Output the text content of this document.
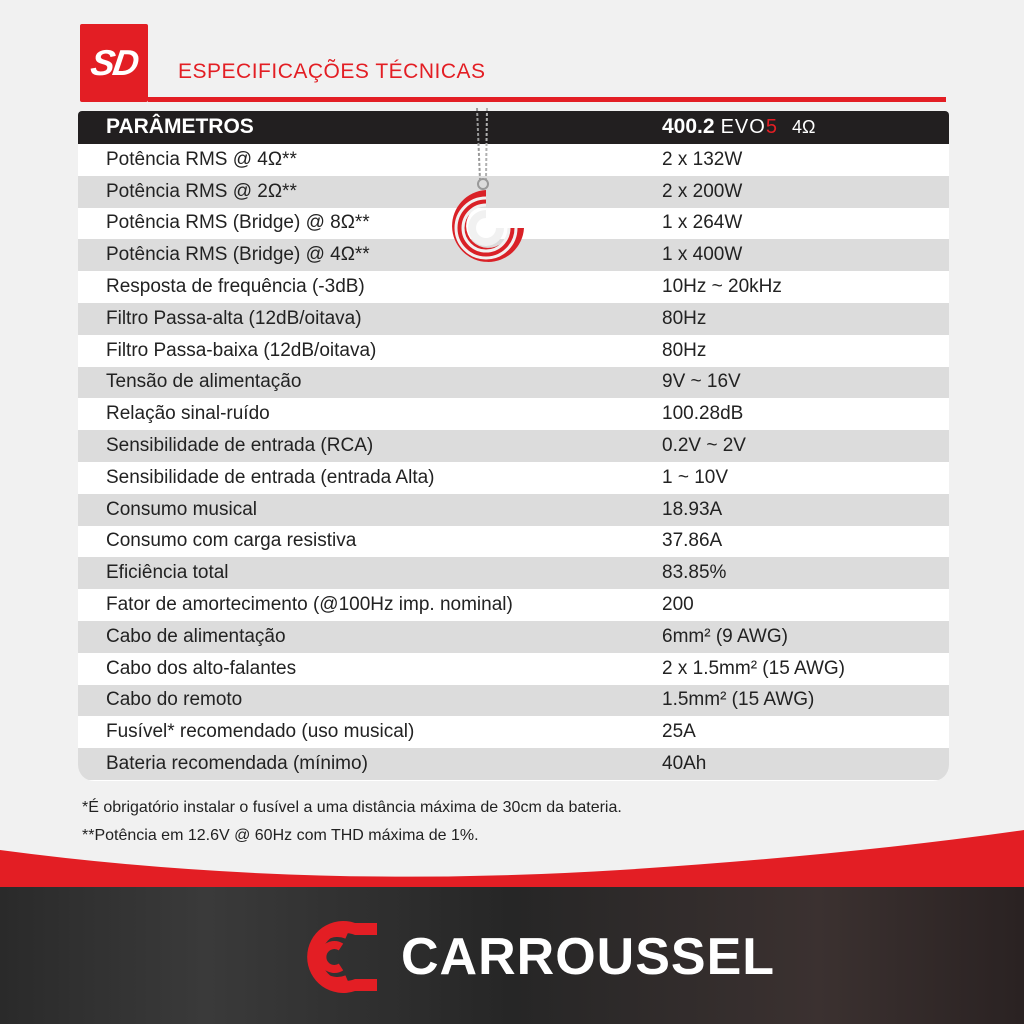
SD ESPECIFICAÇÕES TÉCNICAS
PARÂMETROS	400.2 EVO5 4Ω
Potência RMS @ 4Ω**	2 x 132W
Potência RMS @ 2Ω**	2 x 200W
Potência RMS (Bridge) @ 8Ω**	1 x 264W
Potência RMS (Bridge) @ 4Ω**	1 x 400W
Resposta de frequência (-3dB)	10Hz ~ 20kHz
Filtro Passa-alta (12dB/oitava)	80Hz
Filtro Passa-baixa (12dB/oitava)	80Hz
Tensão de alimentação	9V ~ 16V
Relação sinal-ruído	100.28dB
Sensibilidade de entrada (RCA)	0.2V ~ 2V
Sensibilidade de entrada (entrada Alta)	1 ~ 10V
Consumo musical	18.93A
Consumo com carga resistiva	37.86A
Eficiência total	83.85%
Fator de amortecimento (@100Hz imp. nominal)	200
Cabo de alimentação	6mm² (9 AWG)
Cabo dos alto-falantes	2 x 1.5mm² (15 AWG)
Cabo do remoto	1.5mm² (15 AWG)
Fusível* recomendado (uso musical)	25A
Bateria recomendada (mínimo)	40Ah
*É obrigatório instalar o fusível a uma distância máxima de 30cm da bateria.
**Potência em 12.6V @ 60Hz com THD máxima de 1%.
CARROUSSEL
